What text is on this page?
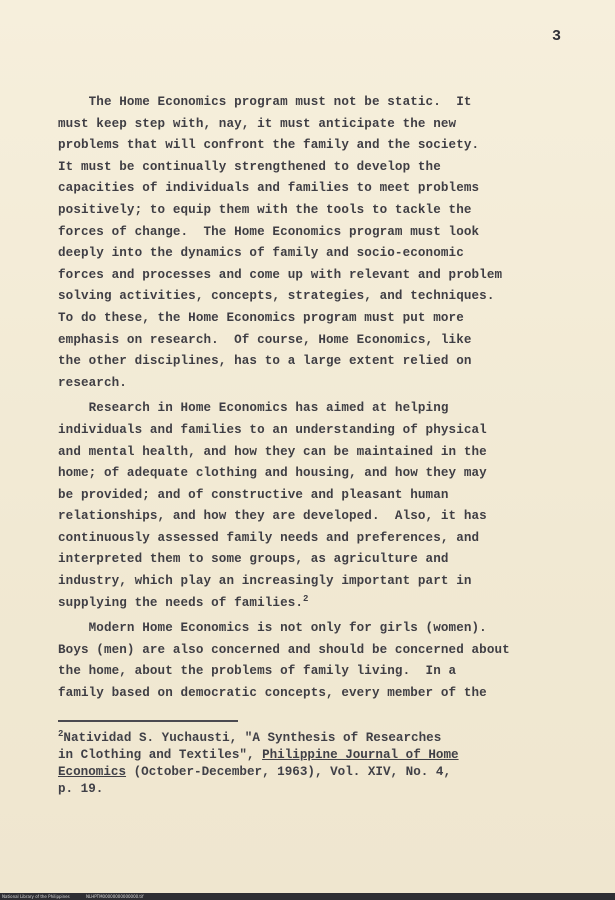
3
The Home Economics program must not be static.  It
must keep step with, nay, it must anticipate the new
problems that will confront the family and the society.
It must be continually strengthened to develop the
capacities of individuals and families to meet problems
positively; to equip them with the tools to tackle the
forces of change.  The Home Economics program must look
deeply into the dynamics of family and socio-economic
forces and processes and come up with relevant and problem
solving activities, concepts, strategies, and techniques.
To do these, the Home Economics program must put more
emphasis on research.  Of course, Home Economics, like
the other disciplines, has to a large extent relied on
research.
Research in Home Economics has aimed at helping
individuals and families to an understanding of physical
and mental health, and how they can be maintained in the
home; of adequate clothing and housing, and how they may
be provided; and of constructive and pleasant human
relationships, and how they are developed.  Also, it has
continuously assessed family needs and preferences, and
interpreted them to some groups, as agriculture and
industry, which play an increasingly important part in
supplying the needs of families.$^2$
Modern Home Economics is not only for girls (women).
Boys (men) are also concerned and should be concerned about
the home, about the problems of family living.  In a
family based on democratic concepts, every member of the
$^2$Natividad S. Yuchausti, "A Synthesis of Researches
in Clothing and Textiles", Philippine Journal of Home
Economics (October-December, 1963), Vol. XIV, No. 4,
p. 19.
National Library of the Philippines	NLHPTM00000000000000.tif
